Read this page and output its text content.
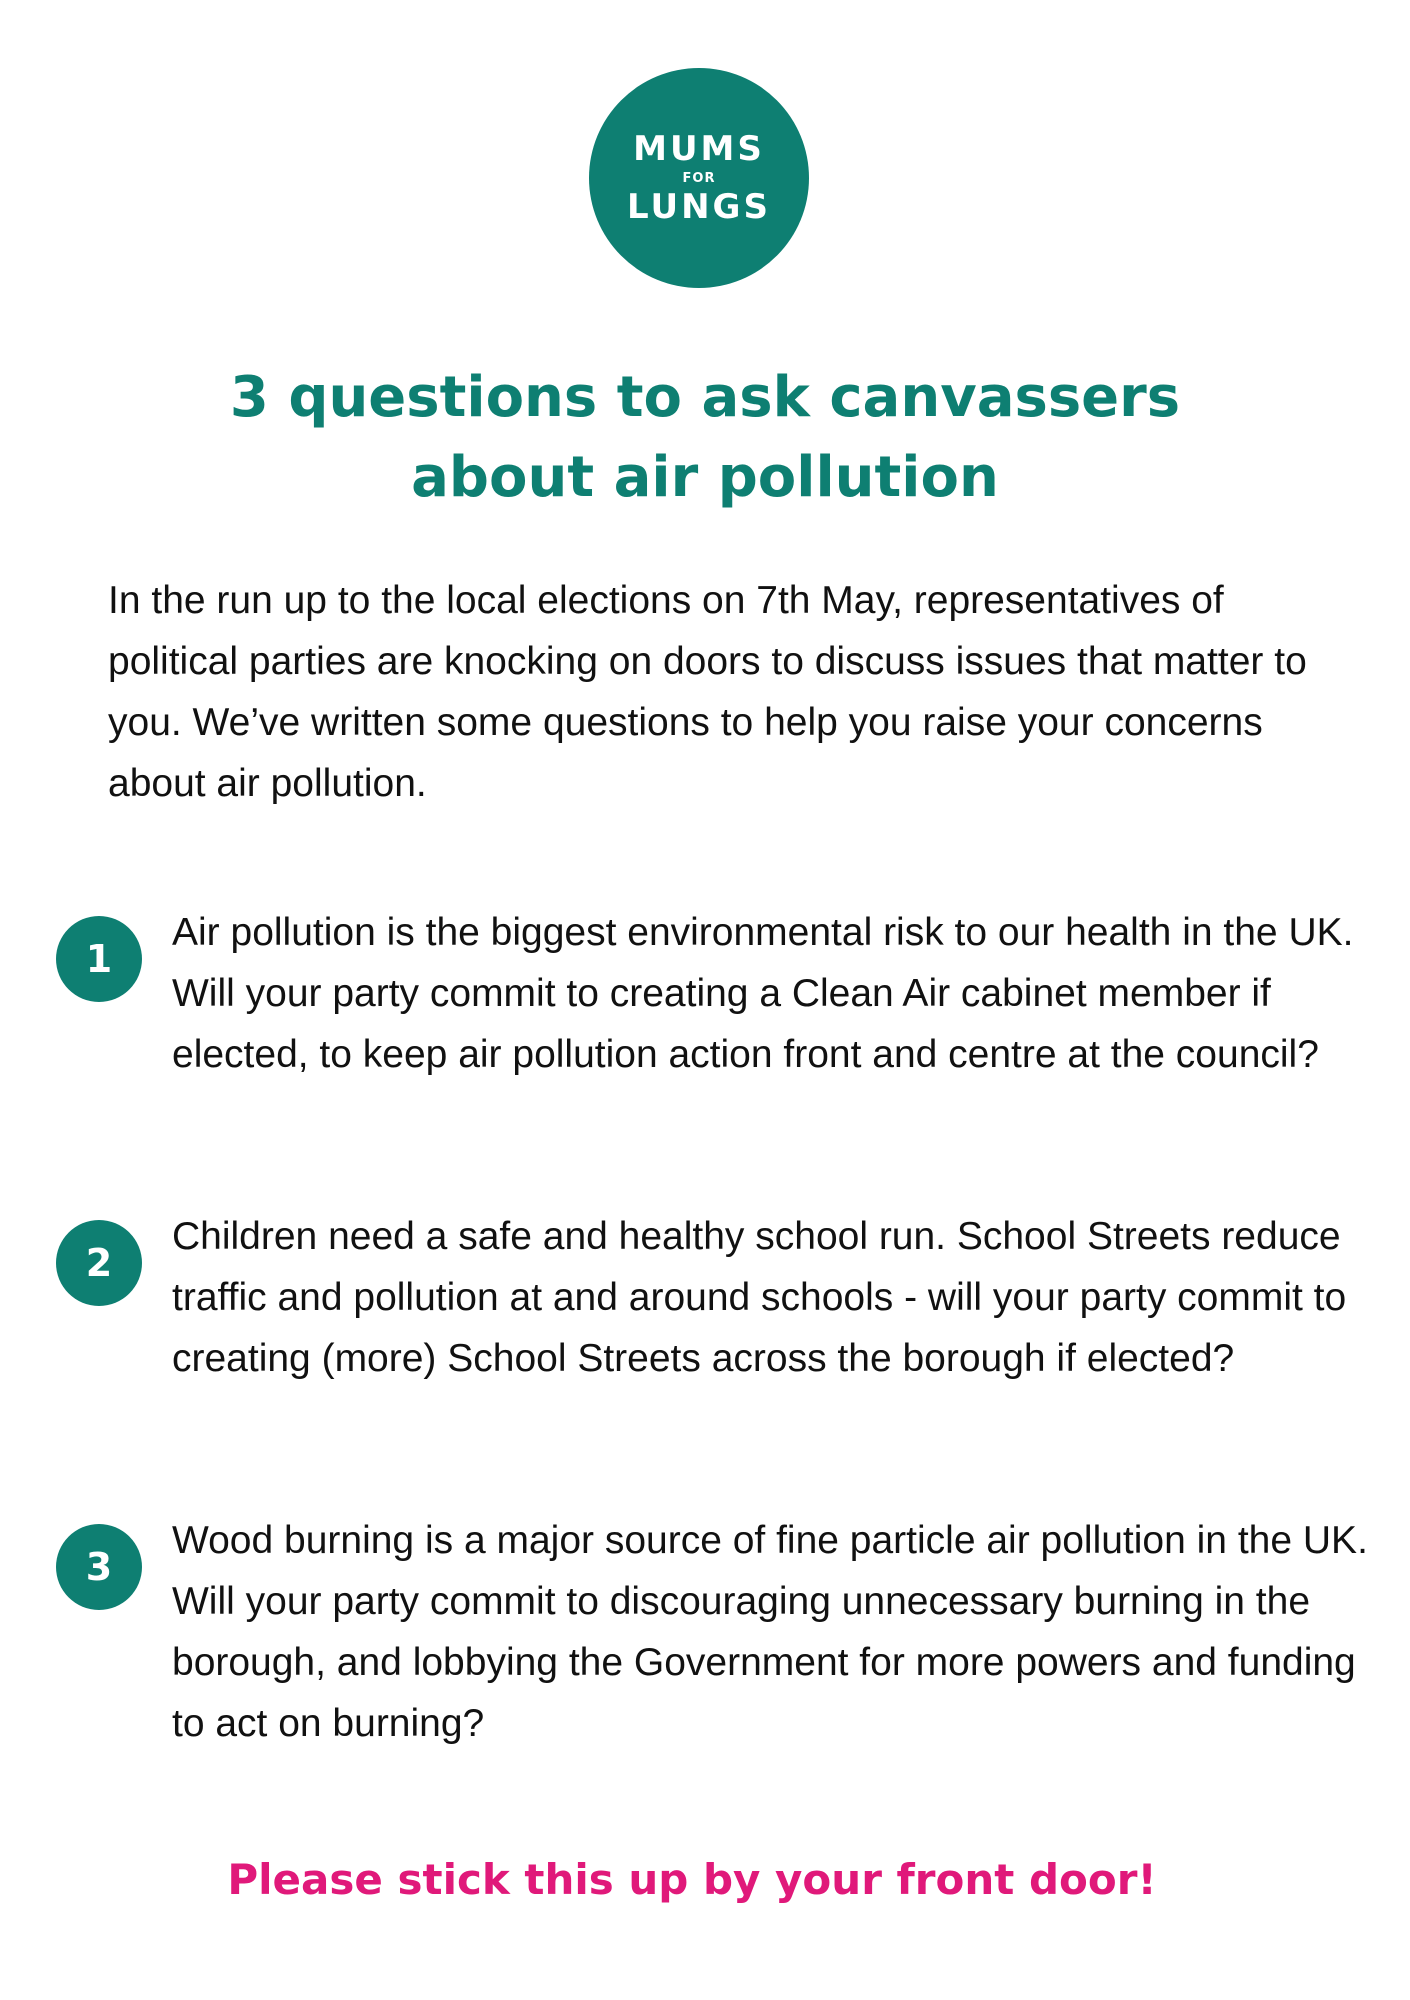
MUMS
FOR
LUNGS
3 questions to ask canvassers
about air pollution

In the run up to the local elections on 7th May, representatives of political parties are knocking on doors to discuss issues that matter to you. We’ve written some questions to help you raise your concerns about air pollution.

1

Air pollution is the biggest environmental risk to our health in the UK. Will your party commit to creating a Clean Air cabinet member if elected, to keep air pollution action front and centre at the council?

2

Children need a safe and healthy school run. School Streets reduce traffic and pollution at and around schools - will your party commit to creating (more) School Streets across the borough if elected?

3

Wood burning is a major source of fine particle air pollution in the UK. Will your party commit to discouraging unnecessary burning in the borough, and lobbying the Government for more powers and funding to act on burning?

Please stick this up by your front door!
